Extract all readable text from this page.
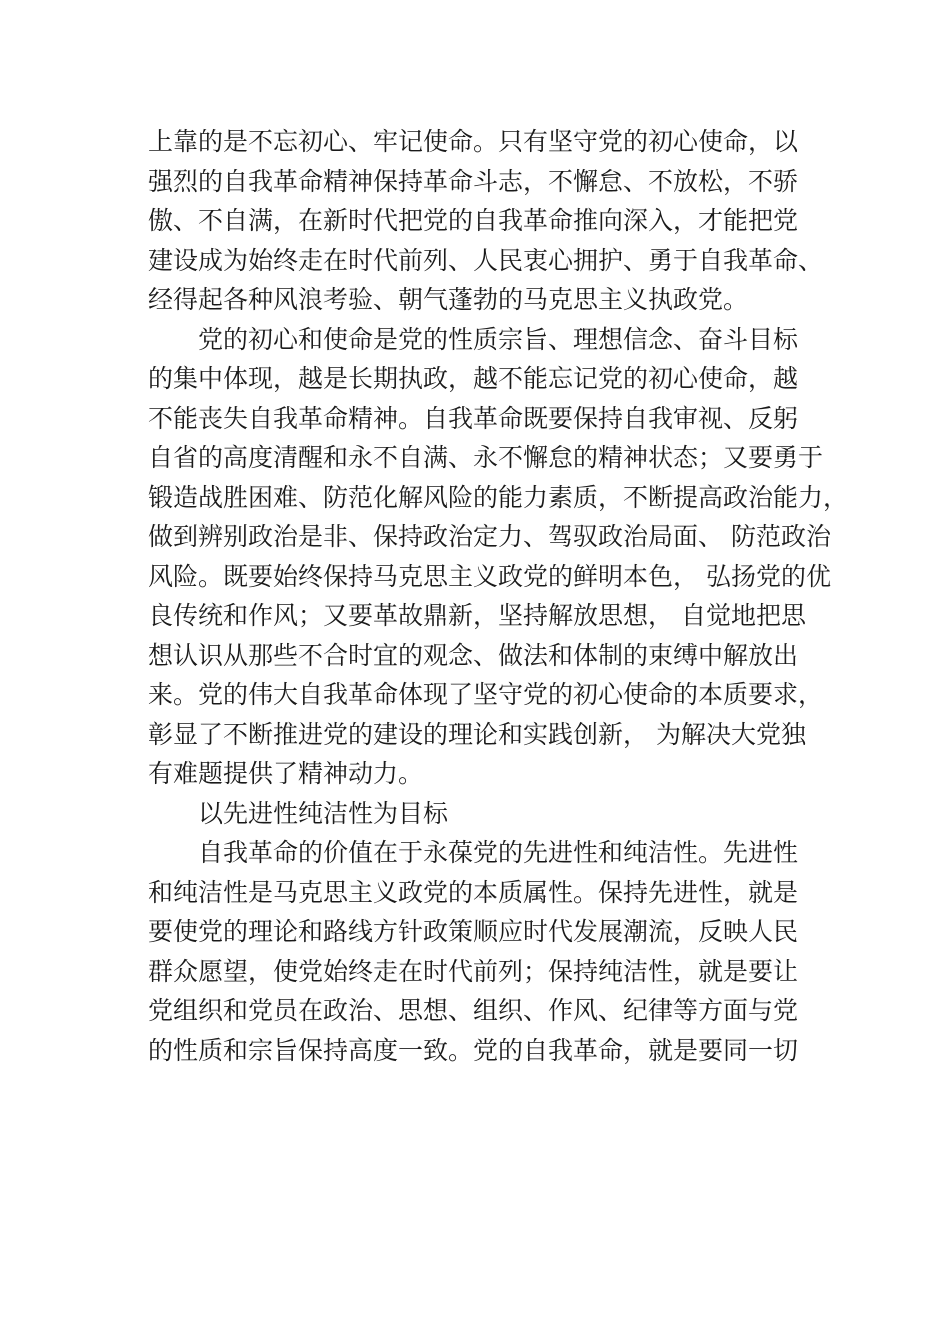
上靠的是不忘初心、牢记使命。只有坚守党的初心使命，以
强烈的自我革命精神保持革命斗志，不懈怠、不放松，不骄
傲、不自满，在新时代把党的自我革命推向深入，才能把党
建设成为始终走在时代前列、人民衷心拥护、勇于自我革命、
经得起各种风浪考验、朝气蓬勃的马克思主义执政党。
党的初心和使命是党的性质宗旨、理想信念、奋斗目标
的集中体现，越是长期执政，越不能忘记党的初心使命，越
不能丧失自我革命精神。自我革命既要保持自我审视、反躬
自省的高度清醒和永不自满、永不懈怠的精神状态；又要勇于
锻造战胜困难、防范化解风险的能力素质，不断提高政治能力，
做到辨别政治是非、保持政治定力、驾驭政治局面、 防范政治
风险。既要始终保持马克思主义政党的鲜明本色， 弘扬党的优
良传统和作风；又要革故鼎新，坚持解放思想， 自觉地把思
想认识从那些不合时宜的观念、做法和体制的束缚中解放出
来。党的伟大自我革命体现了坚守党的初心使命的本质要求，
彰显了不断推进党的建设的理论和实践创新， 为解决大党独
有难题提供了精神动力。
以先进性纯洁性为目标
自我革命的价值在于永葆党的先进性和纯洁性。先进性
和纯洁性是马克思主义政党的本质属性。保持先进性，就是
要使党的理论和路线方针政策顺应时代发展潮流，反映人民
群众愿望，使党始终走在时代前列；保持纯洁性，就是要让
党组织和党员在政治、思想、组织、作风、纪律等方面与党
的性质和宗旨保持高度一致。党的自我革命，就是要同一切
